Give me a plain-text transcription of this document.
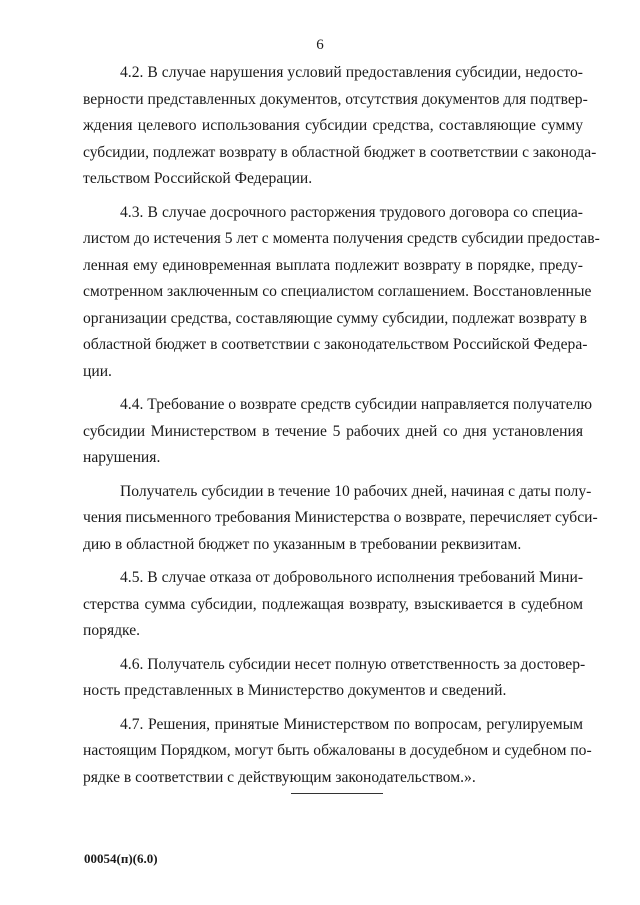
6

4.2. В случае нарушения условий предоставления субсидии, недосто-
верности представленных документов, отсутствия документов для подтвер-
ждения целевого использования субсидии средства, составляющие сумму
субсидии, подлежат возврату в областной бюджет в соответствии с законода-
тельством Российской Федерации.

4.3. В случае досрочного расторжения трудового договора со специа-
листом до истечения 5 лет с момента получения средств субсидии предостав-
ленная ему единовременная выплата подлежит возврату в порядке, преду-
смотренном заключенным со специалистом соглашением. Восстановленные
организации средства, составляющие сумму субсидии, подлежат возврату в
областной бюджет в соответствии с законодательством Российской Федера-
ции.

4.4. Требование о возврате средств субсидии направляется получателю
субсидии Министерством в течение 5 рабочих дней со дня установления
нарушения.

Получатель субсидии в течение 10 рабочих дней, начиная с даты полу-
чения письменного требования Министерства о возврате, перечисляет субси-
дию в областной бюджет по указанным в требовании реквизитам.

4.5. В случае отказа от добровольного исполнения требований Мини-
стерства сумма субсидии, подлежащая возврату, взыскивается в судебном
порядке.

4.6. Получатель субсидии несет полную ответственность за достовер-
ность представленных в Министерство документов и сведений.

4.7. Решения, принятые Министерством по вопросам, регулируемым
настоящим Порядком, могут быть обжалованы в досудебном и судебном по-
рядке в соответствии с действующим законодательством.».

00054(п)(6.0)
